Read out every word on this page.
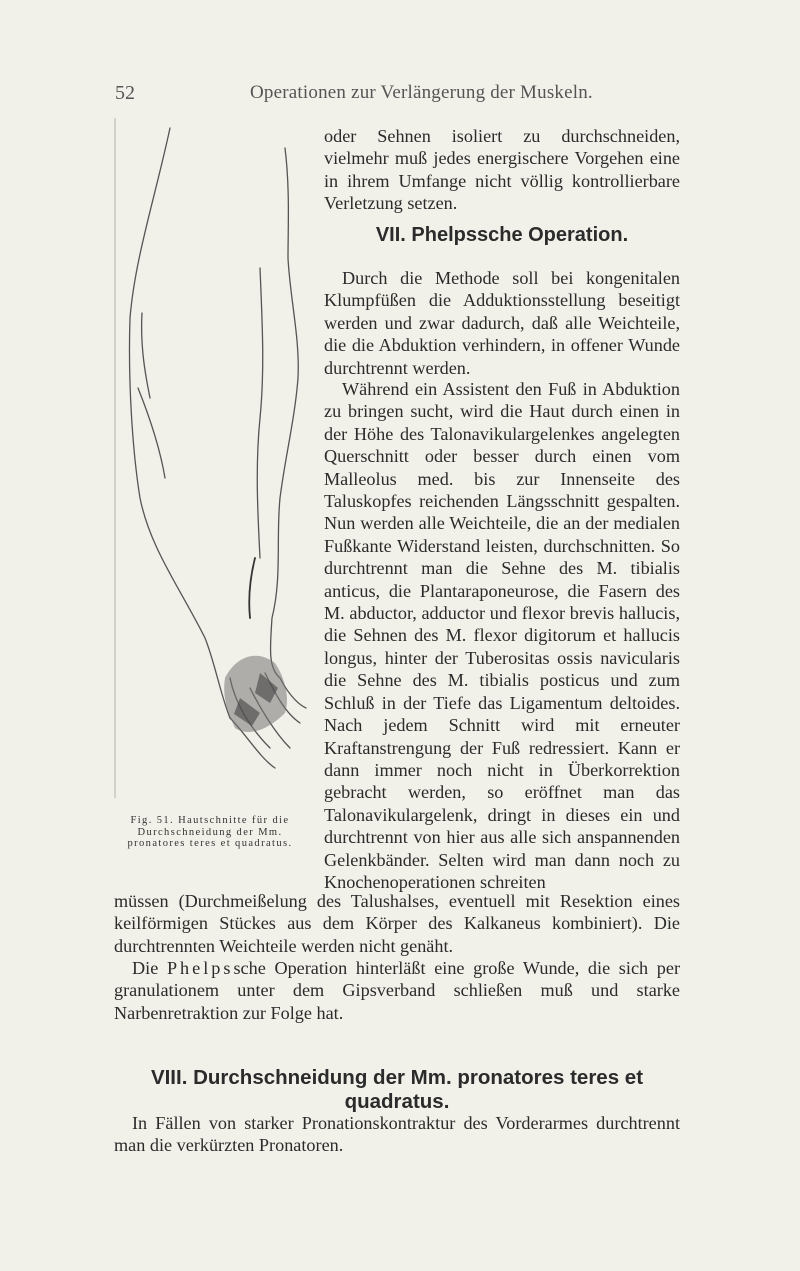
52	Operationen zur Verlängerung der Muskeln.
Fig. 51. Hautschnitte für die Durchschneidung der Mm. pronatores teres et quadratus.

oder Sehnen isoliert zu durchschneiden, vielmehr muß jedes energischere Vorgehen eine in ihrem Umfange nicht völlig kontrollierbare Verletzung setzen.

VII. Phelpssche Operation.

Durch die Methode soll bei kongenitalen Klumpfüßen die Adduktionsstellung beseitigt werden und zwar dadurch, daß alle Weichteile, die die Abduktion verhindern, in offener Wunde durchtrennt werden.

Während ein Assistent den Fuß in Abduktion zu bringen sucht, wird die Haut durch einen in der Höhe des Talonavikulargelenkes angelegten Querschnitt oder besser durch einen vom Malleolus med. bis zur Innenseite des Taluskopfes reichenden Längsschnitt gespalten. Nun werden alle Weichteile, die an der medialen Fußkante Widerstand leisten, durchschnitten. So durchtrennt man die Sehne des M. tibialis anticus, die Plantaraponeurose, die Fasern des M. abductor, adductor und flexor brevis hallucis, die Sehnen des M. flexor digitorum et hallucis longus, hinter der Tuberositas ossis navicularis die Sehne des M. tibialis posticus und zum Schluß in der Tiefe das Ligamentum deltoides. Nach jedem Schnitt wird mit erneuter Kraftanstrengung der Fuß redressiert. Kann er dann immer noch nicht in Überkorrektion gebracht werden, so eröffnet man das Talonavikulargelenk, dringt in dieses ein und durchtrennt von hier aus alle sich anspannenden Gelenkbänder. Selten wird man dann noch zu Knochenoperationen schreiten

müssen (Durchmeißelung des Talushalses, eventuell mit Resektion eines keilförmigen Stückes aus dem Körper des Kalkaneus kombiniert). Die durchtrennten Weichteile werden nicht genäht.

Die Phelpssche Operation hinterläßt eine große Wunde, die sich per granulationem unter dem Gipsverband schließen muß und starke Narbenretraktion zur Folge hat.

VIII. Durchschneidung der Mm. pronatores teres et quadratus.

In Fällen von starker Pronationskontraktur des Vorderarmes durchtrennt man die verkürzten Pronatoren.
